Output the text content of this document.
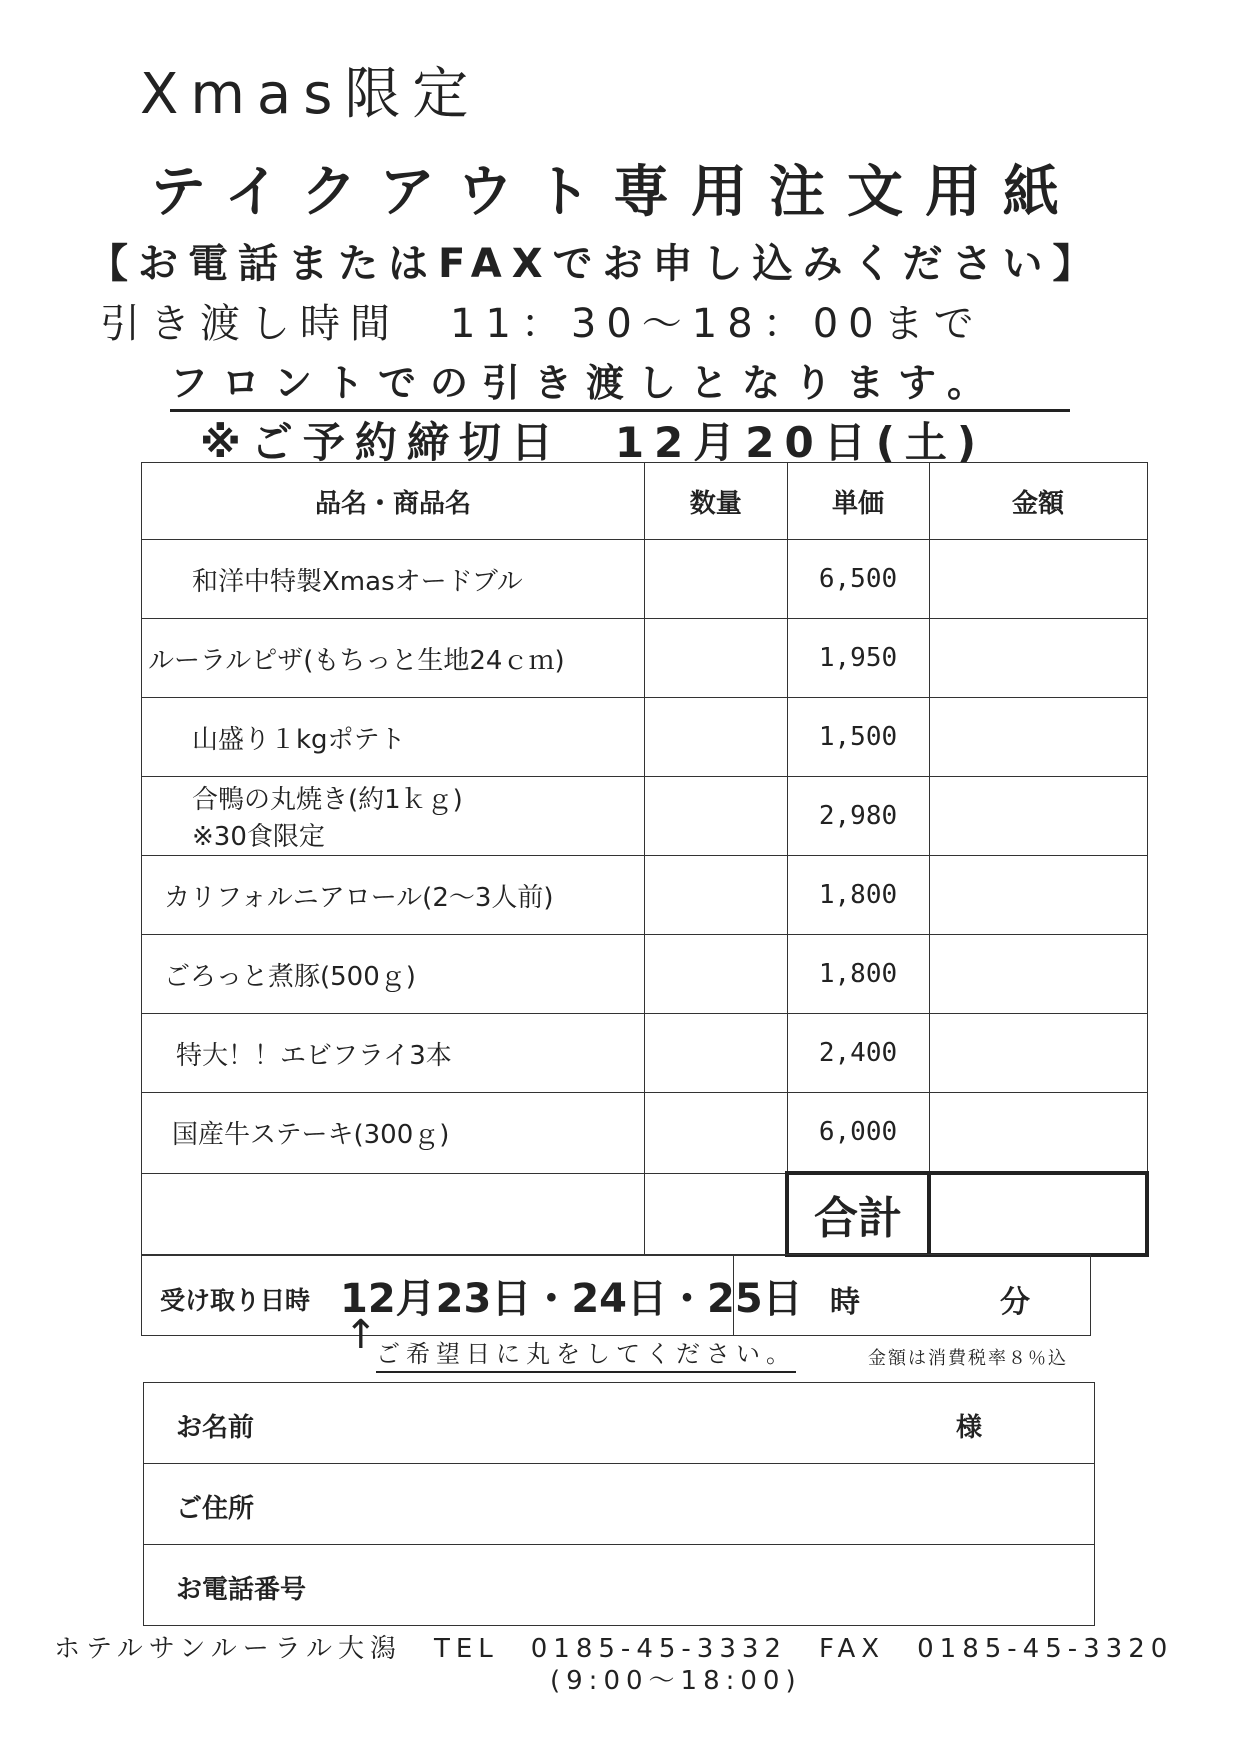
Xmas限定
テイクアウト専用注文用紙
【お電話またはFAXでお申し込みください】
引き渡し時間　11：30～18：00まで
フロントでの引き渡しとなります。
※ご予約締切日　12月20日(土)
品名・商品名	数量	単価	金額
和洋中特製Xmasオードブル		6,500	
ルーラルピザ(もちっと生地24ｃｍ)		1,950	
山盛り１kgポテト		1,500	

合鴨の丸焼き(約1ｋｇ)
※30食限定		2,980	
カリフォルニアロール(2～3人前)		1,800	
ごろっと煮豚(500ｇ)		1,800	
特大！！エビフライ3本		2,400	
国産牛ステーキ(300ｇ)		6,000	
		合計	
受け取り日時 12月23日・24日・25日 時	分
↑
ご希望日に丸をしてください。	金額は消費税率８％込
お名前	様

ご住所

お電話番号
ホテルサンルーラル大潟　TEL　0185-45-3332　FAX　0185-45-3320
(9:00～18:00)
